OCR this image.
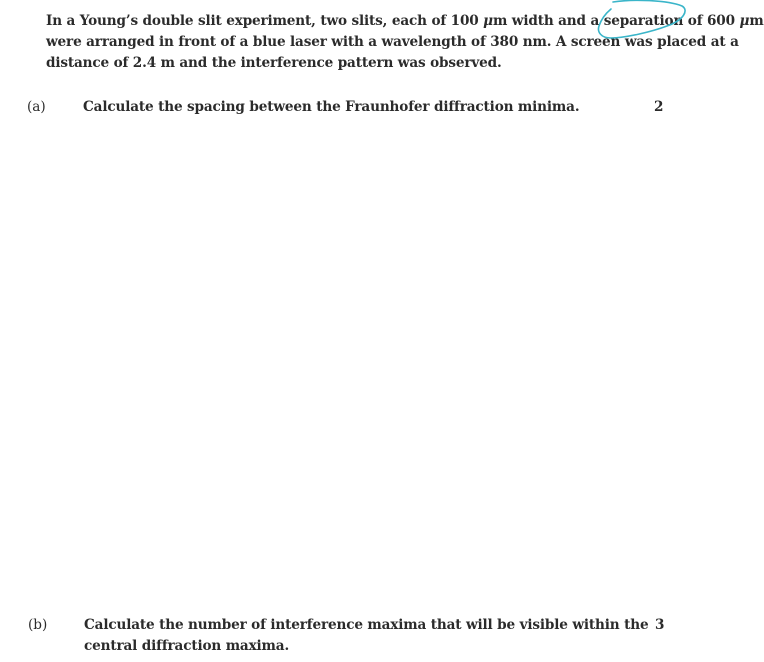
In a Young’s double slit experiment, two slits, each of 100 μm width and a separation of 600 μm
were arranged in front of a blue laser with a wavelength of 380 nm. A screen was placed at a
distance of 2.4 m and the interference pattern was observed.
(a)	Calculate the spacing between the Fraunhofer diffraction minima.	2
(b)	Calculate the number of interference maxima that will be visible within the
central diffraction maxima.
3
